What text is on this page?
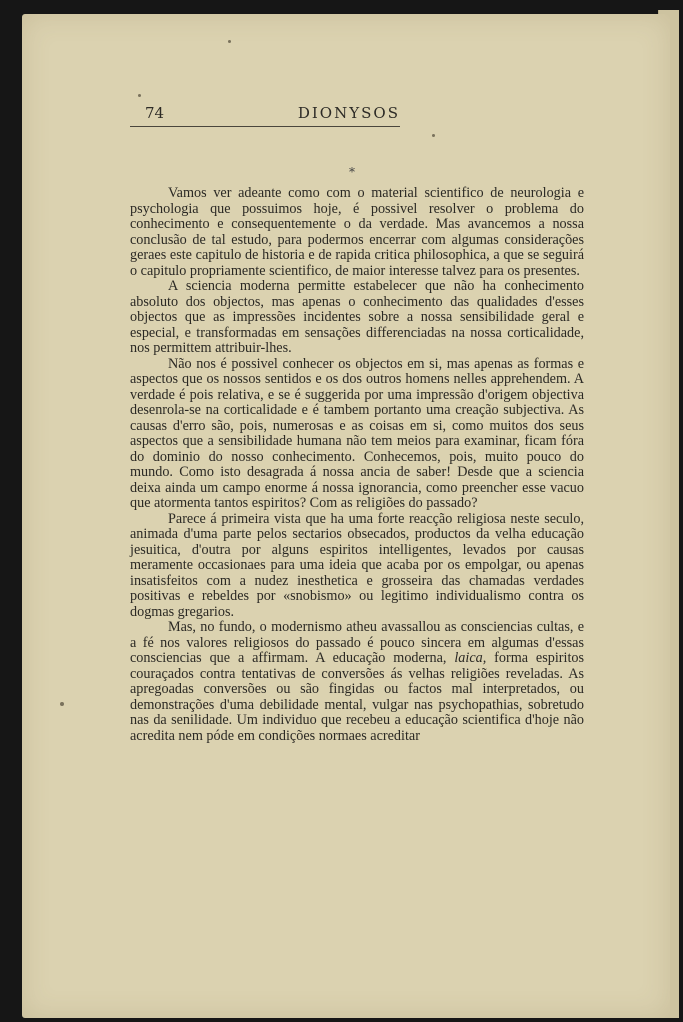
74	DIONYSOS
*

Vamos ver adeante como com o material scientifico de neurologia e psychologia que possuimos hoje, é possivel resolver o problema do conhecimento e consequentemente o da verdade. Mas avancemos a nossa conclusão de tal estudo, para podermos encerrar com algumas considerações geraes este capitulo de historia e de rapida critica philosophica, a que se seguirá o capitulo propriamente scientifico, de maior interesse talvez para os presentes.

A sciencia moderna permitte estabelecer que não ha conhecimento absoluto dos objectos, mas apenas o conhecimento das qualidades d'esses objectos que as impressões incidentes sobre a nossa sensibilidade geral e especial, e transformadas em sensações differenciadas na nossa corticalidade, nos permittem attribuir-lhes.

Não nos é possivel conhecer os objectos em si, mas apenas as formas e aspectos que os nossos sentidos e os dos outros homens nelles apprehendem. A verdade é pois relativa, e se é suggerida por uma impressão d'origem objectiva desenrola-se na corticalidade e é tambem portanto uma creação subjectiva. As causas d'erro são, pois, numerosas e as coisas em si, como muitos dos seus aspectos que a sensibilidade humana não tem meios para examinar, ficam fóra do dominio do nosso conhecimento. Conhecemos, pois, muito pouco do mundo. Como isto desagrada á nossa ancia de saber! Desde que a sciencia deixa ainda um campo enorme á nossa ignorancia, como preencher esse vacuo que atormenta tantos espiritos? Com as religiões do passado?

Parece á primeira vista que ha uma forte reacção religiosa neste seculo, animada d'uma parte pelos sectarios obsecados, productos da velha educação jesuitica, d'outra por alguns espiritos intelligentes, levados por causas meramente occasionaes para uma ideia que acaba por os empolgar, ou apenas insatisfeitos com a nudez inesthetica e grosseira das chamadas verdades positivas e rebeldes por «snobismo» ou legitimo individualismo contra os dogmas gregarios.

Mas, no fundo, o modernismo atheu avassallou as consciencias cultas, e a fé nos valores religiosos do passado é pouco sincera em algumas d'essas consciencias que a affirmam. A educação moderna, laica, forma espiritos couraçados contra tentativas de conversões ás velhas religiões reveladas. As apregoadas conversões ou são fingidas ou factos mal interpretados, ou demonstrações d'uma debilidade mental, vulgar nas psychopathias, sobretudo nas da senilidade. Um individuo que recebeu a educação scientifica d'hoje não acredita nem póde em condições normaes acreditar
